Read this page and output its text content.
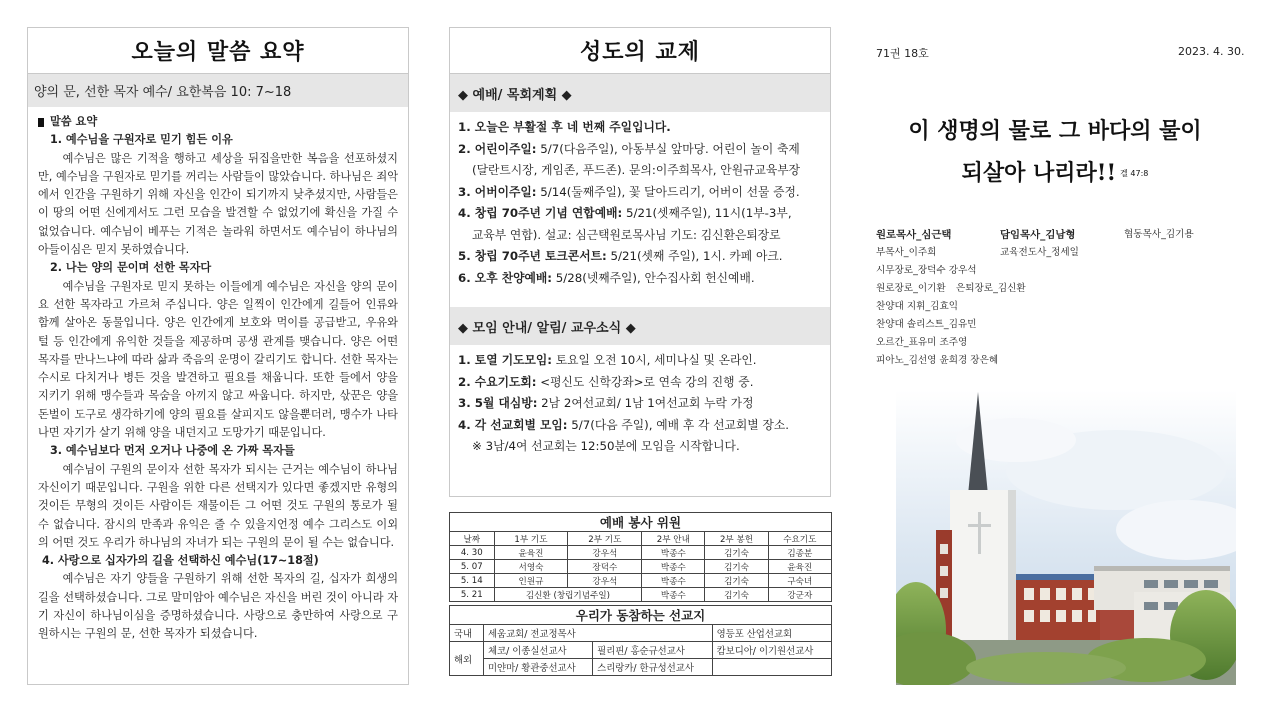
오늘의 말씀 요약
양의 문, 선한 목자 예수/ 요한복음 10: 7~18
말씀 요약
1. 예수님을 구원자로 믿기 힘든 이유
예수님은 많은 기적을 행하고 세상을 뒤집을만한 복음을 선포하셨지만, 예수님을 구원자로 믿기를 꺼리는 사람들이 많았습니다. 하나님은 죄악에서 인간을 구원하기 위해 자신을 인간이 되기까지 낮추셨지만, 사람들은 이 땅의 어떤 신에게서도 그런 모습을 발견할 수 없었기에 확신을 가질 수 없었습니다. 예수님이 베푸는 기적은 놀라워 하면서도 예수님이 하나님의 아들이심은 믿지 못하였습니다.
2. 나는 양의 문이며 선한 목자다
예수님을 구원자로 믿지 못하는 이들에게 예수님은 자신을 양의 문이요 선한 목자라고 가르쳐 주십니다. 양은 일찍이 인간에게 길들어 인류와 함께 살아온 동물입니다. 양은 인간에게 보호와 먹이를 공급받고, 우유와 털 등 인간에게 유익한 것들을 제공하며 공생 관계를 맺습니다. 양은 어떤 목자를 만나느냐에 따라 삶과 죽음의 운명이 갈리기도 합니다. 선한 목자는 수시로 다치거나 병든 것을 발견하고 필요를 채웁니다. 또한 들에서 양을 지키기 위해 맹수들과 목숨을 아끼지 않고 싸웁니다. 하지만, 삯꾼은 양을 돈벌이 도구로 생각하기에 양의 필요를 살피지도 않을뿐더러, 맹수가 나타나면 자기가 살기 위해 양을 내던지고 도망가기 때문입니다.
3. 예수님보다 먼저 오거나 나중에 온 가짜 목자들
예수님이 구원의 문이자 선한 목자가 되시는 근거는 예수님이 하나님 자신이기 때문입니다. 구원을 위한 다른 선택지가 있다면 좋겠지만 유형의 것이든 무형의 것이든 사람이든 재물이든 그 어떤 것도 구원의 통로가 될 수 없습니다. 잠시의 만족과 유익은 줄 수 있을지언정 예수 그리스도 이외의 어떤 것도 우리가 하나님의 자녀가 되는 구원의 문이 될 수는 없습니다.
4. 사랑으로 십자가의 길을 선택하신 예수님(17~18절)
예수님은 자기 양들을 구원하기 위해 선한 목자의 길, 십자가 희생의 길을 선택하셨습니다. 그로 말미암아 예수님은 자신을 버린 것이 아니라 자기 자신이 하나님이심을 증명하셨습니다. 사랑으로 충만하여 사랑으로 구원하시는 구원의 문, 선한 목자가 되셨습니다.
성도의 교제
◆ 예배/ 목회계획 ◆
1. 오늘은 부활절 후 네 번째 주일입니다.
2. 어린이주일: 5/7(다음주일), 아동부실 앞마당. 어린이 놀이 축제
(달란트시장, 게임존, 푸드존). 문의:이주희목사, 안원규교육부장
3. 어버이주일: 5/14(둘째주일), 꽃 달아드리기, 어버이 선물 증정.
4. 창립 70주년 기념 연합예배: 5/21(셋째주일), 11시(1부-3부,
교육부 연합). 설교: 심근택원로목사님 기도: 김신환은퇴장로
5. 창립 70주년 토크콘서트: 5/21(셋째 주일), 1시. 카페 아크.
6. 오후 찬양예배: 5/28(넷째주일), 안수집사회 헌신예배.
◆ 모임 안내/ 알림/ 교우소식 ◆
1. 토열 기도모임: 토요일 오전 10시, 세미나실 및 온라인.
2. 수요기도회: <평신도 신학강좌>로 연속 강의 진행 중.
3. 5월 대심방: 2남 2여선교회/ 1남 1여선교회 누락 가정
4. 각 선교회별 모임: 5/7(다음 주일), 예배 후 각 선교회별 장소.
※ 3남/4여 선교회는 12:50분에 모임을 시작합니다.
예배 봉사 위원					
날짜	1부 기도	2부 기도	2부 안내	2부 봉헌	수요기도
4. 30	윤육진	강우석	박종수	김기숙	김종분
5. 07	서영숙	장덕수	박종수	김기숙	윤육진
5. 14	인원규	강우석	박종수	김기숙	구숙녀
5. 21	김신환 (창립기념주일)		박종수	김기숙	강군자
우리가 동참하는 선교지			
국내	세움교회/ 전교정목사		영등포 산업선교회
해외	체코/ 이종실선교사	필리핀/ 홍순규선교사	캄보디아/ 이기원선교사
	미얀마/ 황관중선교사	스리랑카/ 한규성선교사	
71권 18호	2023. 4. 30.
이 생명의 물로 그 바다의 물이
되살아 나리라!! 겔 47:8
원로목사_심근택	담임목사_김남형	협동목사_김기용
부목사_이주희	교육전도사_정세일
시무장로_장덕수 강우석
원로장로_이기환	은퇴장로_김신환
찬양대 지휘_김효익
찬양대 솔리스트_김유민
오르간_표유미 조주영
피아노_김선영 윤희경 장은혜
